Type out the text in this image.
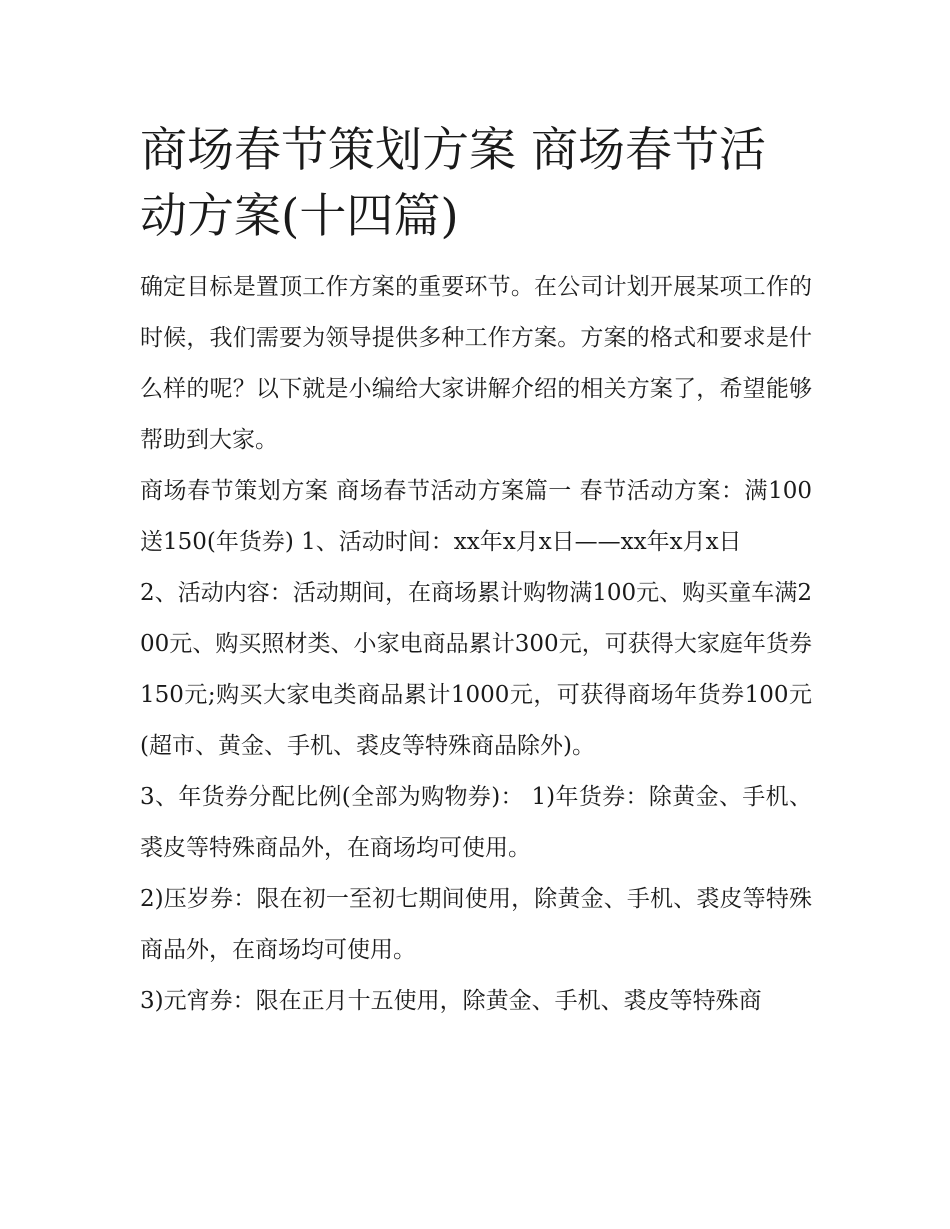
商场春节策划方案 商场春节活动方案(十四篇)

确定目标是置顶工作方案的重要环节。在公司计划开展某项工作的时候，我们需要为领导提供多种工作方案。方案的格式和要求是什么样的呢？以下就是小编给大家讲解介绍的相关方案了，希望能够帮助到大家。

商场春节策划方案 商场春节活动方案篇一 春节活动方案：满100送150(年货券) 1、活动时间：xx年x月x日——xx年x月x日

2、活动内容：活动期间，在商场累计购物满100元、购买童车满200元、购买照材类、小家电商品累计300元，可获得大家庭年货券150元;购买大家电类商品累计1000元，可获得商场年货券100元(超市、黄金、手机、裘皮等特殊商品除外)。

3、年货券分配比例(全部为购物券)： 1)年货券：除黄金、手机、裘皮等特殊商品外，在商场均可使用。

2)压岁券：限在初一至初七期间使用，除黄金、手机、裘皮等特殊商品外，在商场均可使用。

3)元宵券：限在正月十五使用，除黄金、手机、裘皮等特殊商
